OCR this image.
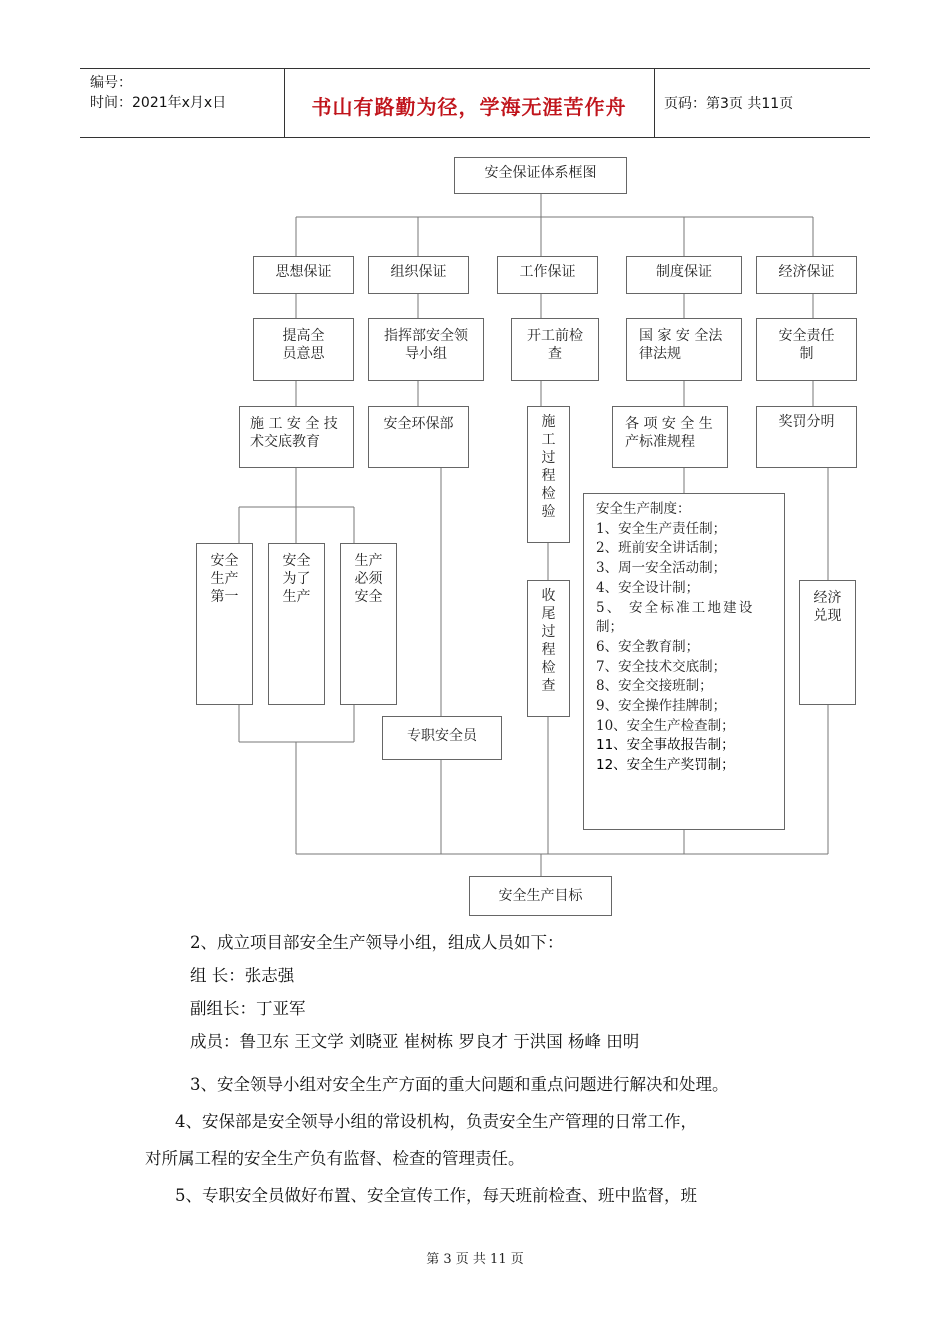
编号：
时间：2021年x月x日	书山有路勤为径，学海无涯苦作舟	页码：第3页 共11页
安全保证体系框图
思想保证	组织保证	工作保证	制度保证	经济保证
提高全员意思
指挥部安全领导小组
开工前检查
国 家 安 全法律法规
安全责任制
施 工 安 全 技术交底教育
安全环保部	施工过程检验
各 项 安 全 生产标准规程
奖罚分明
安全生产第一
安全为了生产
生产必须安全	收尾过程检查
经济兑现
专职安全员
安全生产制度：
1、安全生产责任制；
2、班前安全讲话制；
3、周一安全活动制；
4、安全设计制；
5、 安全标准工地建设
制；
6、安全教育制；
7、安全技术交底制；
8、安全交接班制；
9、安全操作挂牌制；
10、安全生产检查制；
11、安全事故报告制；
12、安全生产奖罚制；
安全生产目标
2、成立项目部安全生产领导小组，组成人员如下：
组 长：张志强
副组长：丁亚军
成员：鲁卫东 王文学 刘晓亚 崔树栋 罗良才 于洪国 杨峰 田明
3、安全领导小组对安全生产方面的重大问题和重点问题进行解决和处理。
4、安保部是安全领导小组的常设机构，负责安全生产管理的日常工作，
对所属工程的安全生产负有监督、检查的管理责任。
5、专职安全员做好布置、安全宣传工作，每天班前检查、班中监督，班
第 3 页 共 11 页
